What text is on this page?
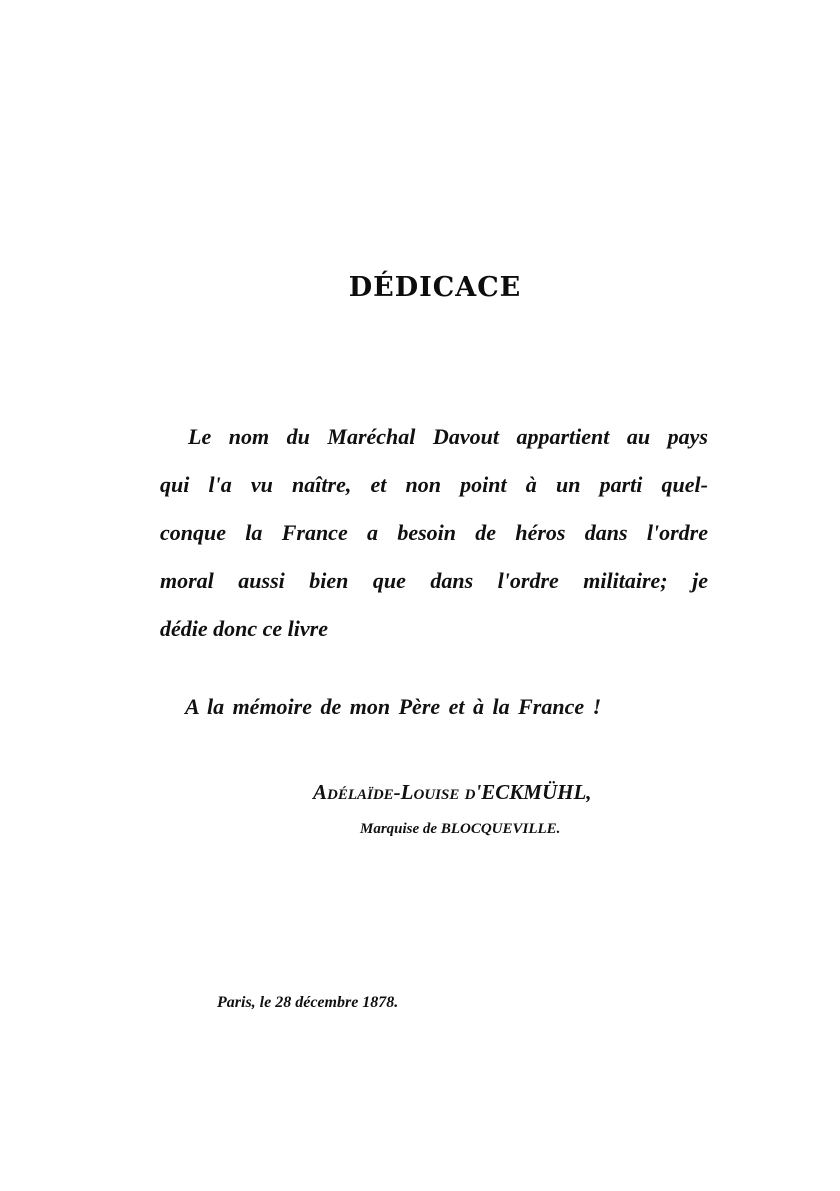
DÉDICACE
Le nom du Maréchal Davout appartient au pays
qui l'a vu naître, et non point à un parti quel-
conque la France a besoin de héros dans l'ordre
moral aussi bien que dans l'ordre militaire; je
dédie donc ce livre
A la mémoire de mon Père et à la France !
Adélaïde-Louise d'ECKMÜHL,
Marquise de BLOCQUEVILLE.
Paris, le 28 décembre 1878.
